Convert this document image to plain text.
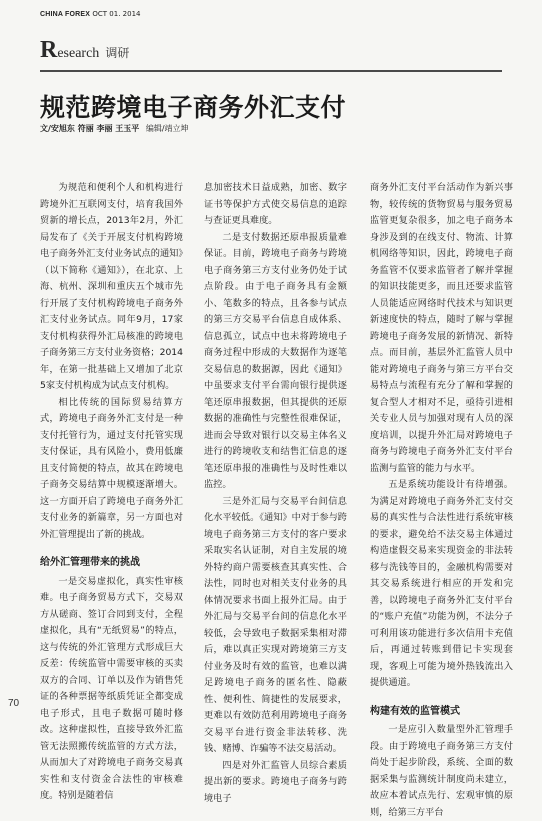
CHINA FOREX OCT 01. 2014
R esearch 调研
规范跨境电子商务外汇支付
文/安旭东 符丽 李丽 王玉平 编辑/靖立坤

为规范和便利个人和机构进行跨境外汇互联网支付，培育我国外贸新的增长点，2013年2月，外汇局发布了《关于开展支付机构跨境电子商务外汇支付业务试点的通知》（以下简称《通知》），在北京、上海、杭州、深圳和重庆五个城市先行开展了支付机构跨境电子商务外汇支付业务试点。同年9月，17家支付机构获得外汇局核准的跨境电子商务第三方支付业务资格；2014年，在第一批基础上又增加了北京5家支付机构成为试点支付机构。

相比传统的国际贸易结算方式，跨境电子商务外汇支付是一种支付托管行为，通过支付托管实现支付保证，具有风险小，费用低廉且支付简便的特点，故其在跨境电子商务交易结算中规模逐渐增大。这一方面开启了跨境电子商务外汇支付业务的新篇章，另一方面也对外汇管理提出了新的挑战。

给外汇管理带来的挑战

一是交易虚拟化，真实性审核难。电子商务贸易方式下，交易双方从磋商、签订合同到支付，全程虚拟化，具有“无纸贸易”的特点，这与传统的外汇管理方式形成巨大反差：传统监管中需要审核的买卖双方的合同、订单以及作为销售凭证的各种票据等纸质凭证全都变成电子形式，且电子数据可随时修改。这种虚拟性，直接导致外汇监管无法照搬传统监管的方式方法，从而加大了对跨境电子商务交易真实性和支付资金合法性的审核难度。特别是随着信

息加密技术日益成熟，加密、数字证书等保护方式使交易信息的追踪与查证更具难度。

二是支付数据还原串报质量难保证。目前，跨境电子商务与跨境电子商务第三方支付业务仍处于试点阶段。由于电子商务具有金额小、笔数多的特点，且各参与试点的第三方交易平台信息自成体系、信息孤立，试点中也未将跨境电子商务过程中形成的大数据作为逐笔交易信息的数据源，因此《通知》中虽要求支付平台需向银行提供逐笔还原串报数据，但其提供的还原数据的准确性与完整性很难保证，进而会导致对银行以交易主体名义进行的跨境收支和结售汇信息的逐笔还原串报的准确性与及时性难以监控。

三是外汇局与交易平台间信息化水平较低。《通知》中对于参与跨境电子商务第三方支付的客户要求采取实名认证制，对自主发展的境外特约商户需要核查其真实性、合法性，同时也对相关支付业务的具体情况要求书面上报外汇局。由于外汇局与交易平台间的信息化水平较低，会导致电子数据采集相对滞后，难以真正实现对跨境第三方支付业务及时有效的监管，也难以满足跨境电子商务的匿名性、隐蔽性、便利性、简捷性的发展要求，更难以有效防范利用跨境电子商务交易平台进行资金非法转移、洗钱、赌博、诈骗等不法交易活动。

四是对外汇监管人员综合素质提出新的要求。跨境电子商务与跨境电子

商务外汇支付平台活动作为新兴事物，较传统的货物贸易与服务贸易监管更复杂很多，加之电子商务本身涉及到的在线支付、物流、计算机网络等知识，因此，跨境电子商务监管不仅要求监管者了解并掌握的知识技能更多，而且还要求监管人员能适应网络时代技术与知识更新速度快的特点，随时了解与掌握跨境电子商务发展的新情况、新特点。而目前，基层外汇监管人员中能对跨境电子商务与第三方平台交易特点与流程有充分了解和掌握的复合型人才相对不足，亟待引进相关专业人员与加强对现有人员的深度培训，以提升外汇局对跨境电子商务与跨境电子商务外汇支付平台监测与监管的能力与水平。

五是系统功能设计有待增强。为满足对跨境电子商务外汇支付交易的真实性与合法性进行系统审核的要求，避免给不法交易主体通过构造虚假交易来实现资金的非法转移与洗钱等目的，金融机构需要对其交易系统进行相应的开发和完善，以跨境电子商务外汇支付平台的“账户充值”功能为例，不法分子可利用该功能进行多次信用卡充值后，再通过转账到借记卡实现套现，客观上可能为境外热钱流出入提供通道。

构建有效的监管模式

一是应引入数量型外汇管理手段。由于跨境电子商务第三方支付尚处于起步阶段，系统、全面的数据采集与监测统计制度尚未建立，故应本着试点先行、宏观审慎的原则，给第三方平台

70
